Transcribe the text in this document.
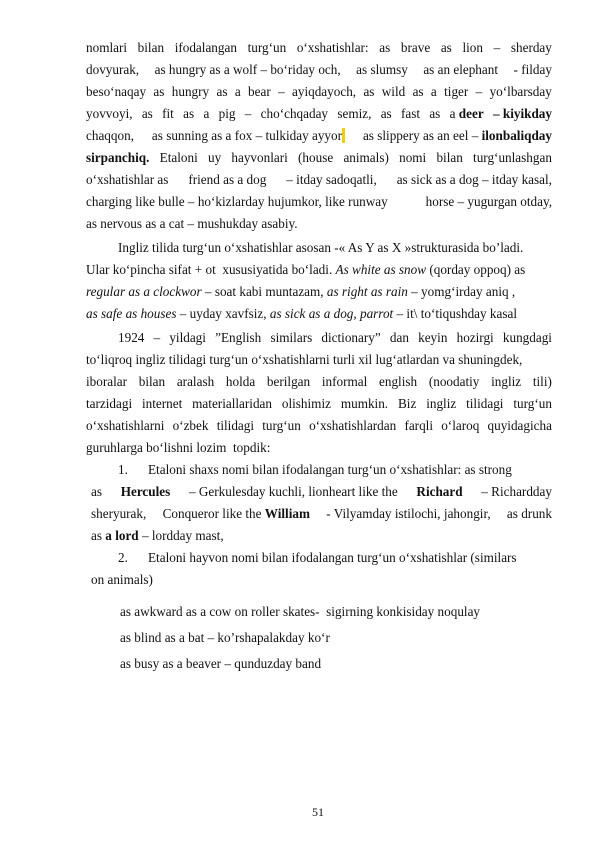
nomlari bilan ifodalangan turg‘un o‘xshatishlar: as brave as lion – sherday
dovyurak, as hungry as a wolf – bo‘riday och, as slumsy as an elephant - filday
beso‘naqay as hungry as a bear – ayiqdayoch, as wild as a tiger – yo‘lbarsday
yovvoyi, as fit as a pig – cho‘chqaday semiz, as fast as a deer – kiyikday
chaqqon, as sunning as a fox – tulkiday ayyor as slippery as an eel – ilonbaliqday
sirpanchiq. Etaloni uy hayvonlari (house animals) nomi bilan turg‘unlashgan
o‘xshatishlar as friend as a dog – itday sadoqatli, as sick as a dog – itday kasal,
charging like bulle – ho‘kizlarday hujumkor, like runway	horse – yugurgan otday,
as nervous as a cat – mushukday asabiy.
Ingliz tilida turg‘un o‘xshatishlar asosan -« As Y as X »strukturasida bo’ladi.
Ular ko‘pincha sifat + ot
xususiyatida bo‘ladi.
As white as snow
(qorday oppoq) as
regular as a clockwor – soat kabi muntazam, as right as rain – yomg‘irday aniq ,
as safe as houses – uyday xavfsiz, as sick as a dog, parrot – it\ to‘tiqushday kasal
1924 – yildagi ”English similars dictionary” dan keyin hozirgi kungdagi
to‘liqroq ingliz tilidagi turg‘un o‘xshatishlarni turli xil lug‘atlardan va shuningdek,
iboralar bilan aralash holda berilgan informal english (noodatiy ingliz tili)
tarzidagi internet materiallaridan olishimiz mumkin. Biz ingliz tilidagi turg‘un
o‘xshatishlarni o‘zbek tilidagi turg‘un o‘xshatishlardan farqli o‘laroq quyidagicha
guruhlarga bo‘lishni lozim
topdik:
1. Etaloni shaxs nomi bilan ifodalangan turg‘un o‘xshatishlar: as strong
as Hercules – Gerkulesday kuchli, lionheart like the Richard – Richardday
sheryurak, Conqueror like the William - Vilyamday istilochi, jahongir, as drunk
as
a lord
– lordday mast,
2. Etaloni hayvon nomi bilan ifodalangan turg‘un o‘xshatishlar (similars
on animals)
as awkward as a cow on roller skates-
sigirning konkisiday noqulay
as blind as a bat – ko’rshapalakday ko‘r
as busy as a beaver – qunduzday band
51
